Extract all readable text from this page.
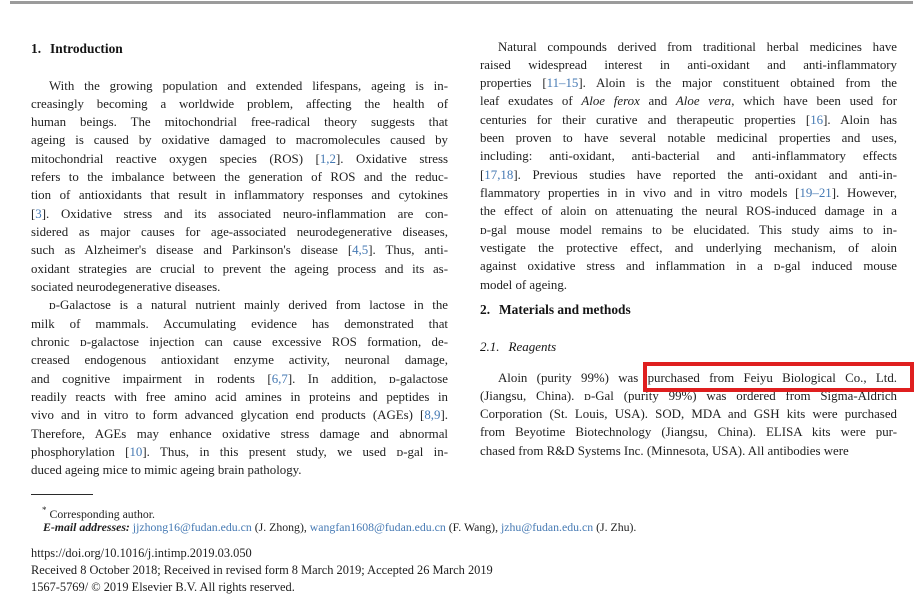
1. Introduction
With the growing population and extended lifespans, ageing is in-
creasingly becoming a worldwide problem, affecting the health of
human beings. The mitochondrial free-radical theory suggests that
ageing is caused by oxidative damaged to macromolecules caused by
mitochondrial reactive oxygen species (ROS) [1,2]. Oxidative stress
refers to the imbalance between the generation of ROS and the reduc-
tion of antioxidants that result in inflammatory responses and cytokines
[3]. Oxidative stress and its associated neuro-inflammation are con-
sidered as major causes for age-associated neurodegenerative diseases,
such as Alzheimer's disease and Parkinson's disease [4,5]. Thus, anti-
oxidant strategies are crucial to prevent the ageing process and its as-
sociated neurodegenerative diseases.
ᴅ-Galactose is a natural nutrient mainly derived from lactose in the
milk of mammals. Accumulating evidence has demonstrated that
chronic ᴅ-galactose injection can cause excessive ROS formation, de-
creased endogenous antioxidant enzyme activity, neuronal damage,
and cognitive impairment in rodents [6,7]. In addition, ᴅ-galactose
readily reacts with free amino acid amines in proteins and peptides in
vivo and in vitro to form advanced glycation end products (AGEs) [8,9].
Therefore, AGEs may enhance oxidative stress damage and abnormal
phosphorylation [10]. Thus, in this present study, we used ᴅ-gal in-
duced ageing mice to mimic ageing brain pathology.
Natural compounds derived from traditional herbal medicines have
raised widespread interest in anti-oxidant and anti-inflammatory
properties [11–15]. Aloin is the major constituent obtained from the
leaf exudates of Aloe ferox and Aloe vera, which have been used for
centuries for their curative and therapeutic properties [16]. Aloin has
been proven to have several notable medicinal properties and uses,
including: anti-oxidant, anti-bacterial and anti-inflammatory effects
[17,18]. Previous studies have reported the anti-oxidant and anti-in-
flammatory properties in in vivo and in vitro models [19–21]. However,
the effect of aloin on attenuating the neural ROS-induced damage in a
ᴅ-gal mouse model remains to be elucidated. This study aims to in-
vestigate the protective effect, and underlying mechanism, of aloin
against oxidative stress and inflammation in a ᴅ-gal induced mouse
model of ageing.
2. Materials and methods
2.1. Reagents
Aloin (purity 99%) was purchased from Feiyu Biological Co., Ltd.
(Jiangsu, China). ᴅ-Gal (purity 99%) was ordered from Sigma-Aldrich
Corporation (St. Louis, USA). SOD, MDA and GSH kits were purchased
from Beyotime Biotechnology (Jiangsu, China). ELISA kits were pur-
chased from R&D Systems Inc. (Minnesota, USA). All antibodies were
* Corresponding author.
E-mail addresses: jjzhong16@fudan.edu.cn (J. Zhong), wangfan1608@fudan.edu.cn (F. Wang), jzhu@fudan.edu.cn (J. Zhu).
https://doi.org/10.1016/j.intimp.2019.03.050
Received 8 October 2018; Received in revised form 8 March 2019; Accepted 26 March 2019
1567-5769/ © 2019 Elsevier B.V. All rights reserved.
